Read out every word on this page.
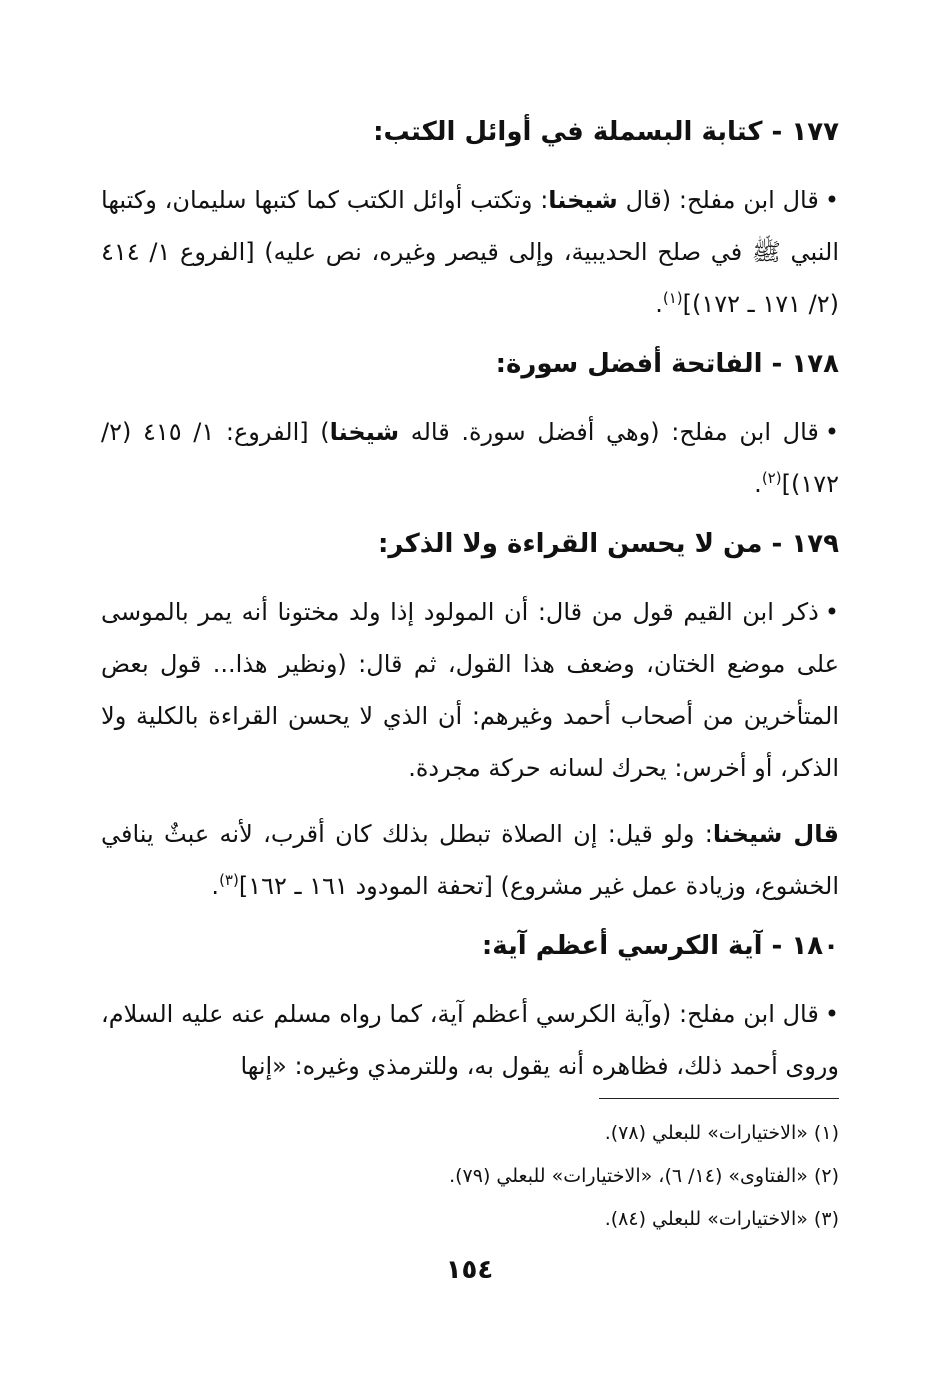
١٧٧ - كتابة البسملة في أوائل الكتب:

•قال ابن مفلح: (قال شيخنا: وتكتب أوائل الكتب كما كتبها سليمان، وكتبها النبي ﷺ في صلح الحديبية، وإلى قيصر وغيره، نص عليه) [الفروع ١/ ٤١٤ (٢/ ١٧١ ـ ١٧٢)]$^{(١)}$.

١٧٨ - الفاتحة أفضل سورة:

•قال ابن مفلح: (وهي أفضل سورة. قاله شيخنا) [الفروع: ١/ ٤١٥ (٢/ ١٧٢)]$^{(٢)}$.

١٧٩ - من لا يحسن القراءة ولا الذكر:

•ذكر ابن القيم قول من قال: أن المولود إذا ولد مختونا أنه يمر بالموسى على موضع الختان، وضعف هذا القول، ثم قال: (ونظير هذا... قول بعض المتأخرين من أصحاب أحمد وغيرهم: أن الذي لا يحسن القراءة بالكلية ولا الذكر، أو أخرس: يحرك لسانه حركة مجردة.

قال شيخنا: ولو قيل: إن الصلاة تبطل بذلك كان أقرب، لأنه عبثٌ ينافي الخشوع، وزيادة عمل غير مشروع) [تحفة المودود ١٦١ ـ ١٦٢]$^{(٣)}$.

١٨٠ - آية الكرسي أعظم آية:

•قال ابن مفلح: (وآية الكرسي أعظم آية، كما رواه مسلم عنه عليه السلام، وروى أحمد ذلك، فظاهره أنه يقول به، وللترمذي وغيره: «إنها

(١) «الاختيارات» للبعلي (٧٨).
(٢) «الفتاوى» (١٤/ ٦)، «الاختيارات» للبعلي (٧٩).
(٣) «الاختيارات» للبعلي (٨٤).
١٥٤
